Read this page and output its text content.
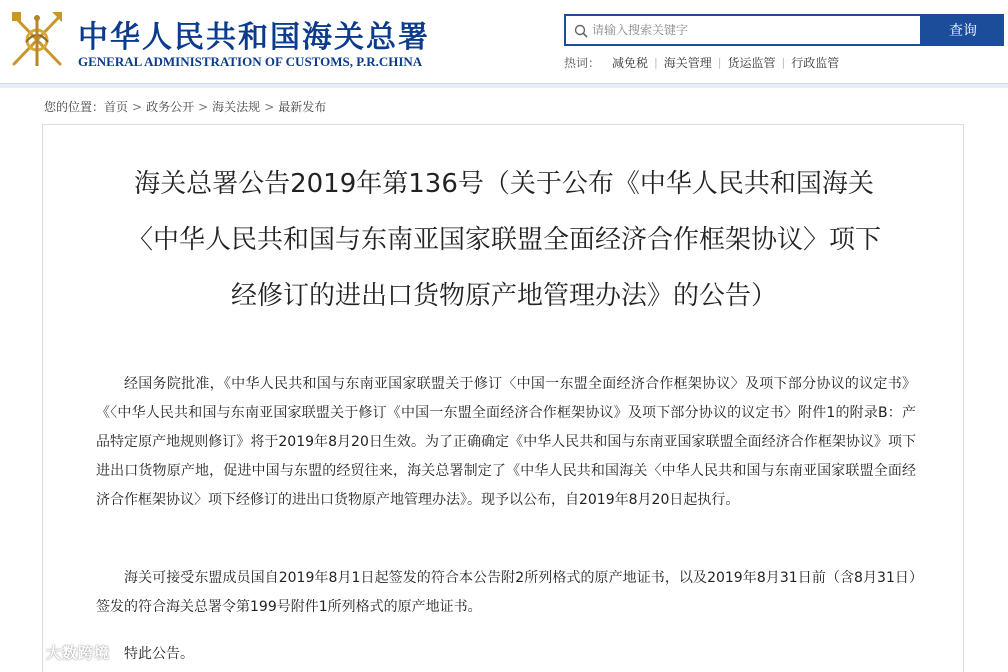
中华人民共和国海关总署
GENERAL ADMINISTRATION OF CUSTOMS, P.R.CHINA
请输入搜索关键字
查询
热词：	减免税 | 海关管理 | 货运监管 | 行政监管
您的位置：首页 > 政务公开 > 海关法规 > 最新发布
海关总署公告2019年第136号（关于公布《中华人民共和国海关
〈中华人民共和国与东南亚国家联盟全面经济合作框架协议〉项下
经修订的进出口货物原产地管理办法》的公告）

经国务院批准，《中华人民共和国与东南亚国家联盟关于修订〈中国一东盟全面经济合作框架协议〉及项下部分协议的议定书》《〈中华人民共和国与东南亚国家联盟关于修订《中国一东盟全面经济合作框架协议》及项下部分协议的议定书〉附件1的附录B：产品特定原产地规则修订》将于2019年8月20日生效。为了正确确定《中华人民共和国与东南亚国家联盟全面经济合作框架协议》项下进出口货物原产地，促进中国与东盟的经贸往来，海关总署制定了《中华人民共和国海关〈中华人民共和国与东南亚国家联盟全面经济合作框架协议〉项下经修订的进出口货物原产地管理办法》。现予以公布，自2019年8月20日起执行。

海关可接受东盟成员国自2019年8月1日起签发的符合本公告附2所列格式的原产地证书，以及2019年8月31日前（含8月31日）签发的符合海关总署令第199号附件1所列格式的原产地证书。

特此公告。

大数跨境
